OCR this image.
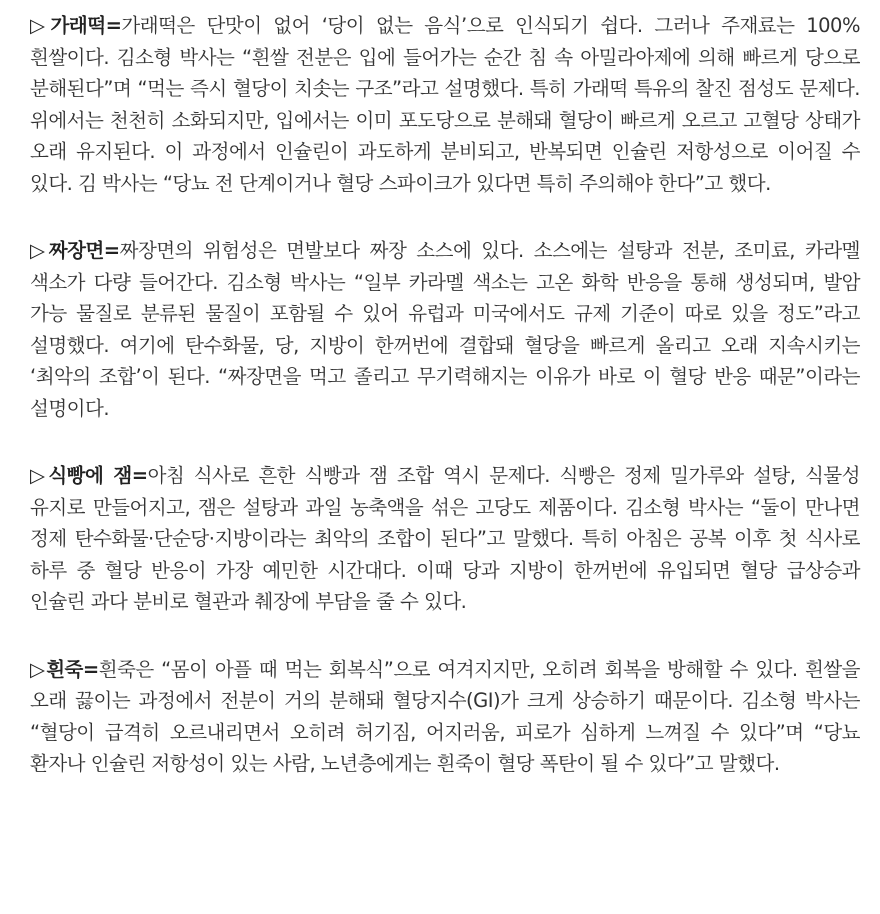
▷가래떡=가래떡은 단맛이 없어 ‘당이 없는 음식’으로 인식되기 쉽다. 그러나 주재료는 100% 흰쌀이다. 김소형 박사는 “흰쌀 전분은 입에 들어가는 순간 침 속 아밀라아제에 의해 빠르게 당으로 분해된다”며 “먹는 즉시 혈당이 치솟는 구조”라고 설명했다. 특히 가래떡 특유의 찰진 점성도 문제다. 위에서는 천천히 소화되지만, 입에서는 이미 포도당으로 분해돼 혈당이 빠르게 오르고 고혈당 상태가 오래 유지된다. 이 과정에서 인슐린이 과도하게 분비되고, 반복되면 인슐린 저항성으로 이어질 수 있다. 김 박사는 “당뇨 전 단계이거나 혈당 스파이크가 있다면 특히 주의해야 한다”고 했다.

▷짜장면=짜장면의 위험성은 면발보다 짜장 소스에 있다. 소스에는 설탕과 전분, 조미료, 카라멜 색소가 다량 들어간다. 김소형 박사는 “일부 카라멜 색소는 고온 화학 반응을 통해 생성되며, 발암 가능 물질로 분류된 물질이 포함될 수 있어 유럽과 미국에서도 규제 기준이 따로 있을 정도”라고 설명했다. 여기에 탄수화물, 당, 지방이 한꺼번에 결합돼 혈당을 빠르게 올리고 오래 지속시키는 ‘최악의 조합’이 된다. “짜장면을 먹고 졸리고 무기력해지는 이유가 바로 이 혈당 반응 때문”이라는 설명이다.

▷식빵에 잼=아침 식사로 흔한 식빵과 잼 조합 역시 문제다. 식빵은 정제 밀가루와 설탕, 식물성 유지로 만들어지고, 잼은 설탕과 과일 농축액을 섞은 고당도 제품이다. 김소형 박사는 “둘이 만나면 정제 탄수화물·단순당·지방이라는 최악의 조합이 된다”고 말했다. 특히 아침은 공복 이후 첫 식사로 하루 중 혈당 반응이 가장 예민한 시간대다. 이때 당과 지방이 한꺼번에 유입되면 혈당 급상승과 인슐린 과다 분비로 혈관과 췌장에 부담을 줄 수 있다.

▷흰죽=흰죽은 “몸이 아플 때 먹는 회복식”으로 여겨지지만, 오히려 회복을 방해할 수 있다. 흰쌀을 오래 끓이는 과정에서 전분이 거의 분해돼 혈당지수(GI)가 크게 상승하기 때문이다. 김소형 박사는 “혈당이 급격히 오르내리면서 오히려 허기짐, 어지러움, 피로가 심하게 느껴질 수 있다”며 “당뇨 환자나 인슐린 저항성이 있는 사람, 노년층에게는 흰죽이 혈당 폭탄이 될 수 있다”고 말했다.
